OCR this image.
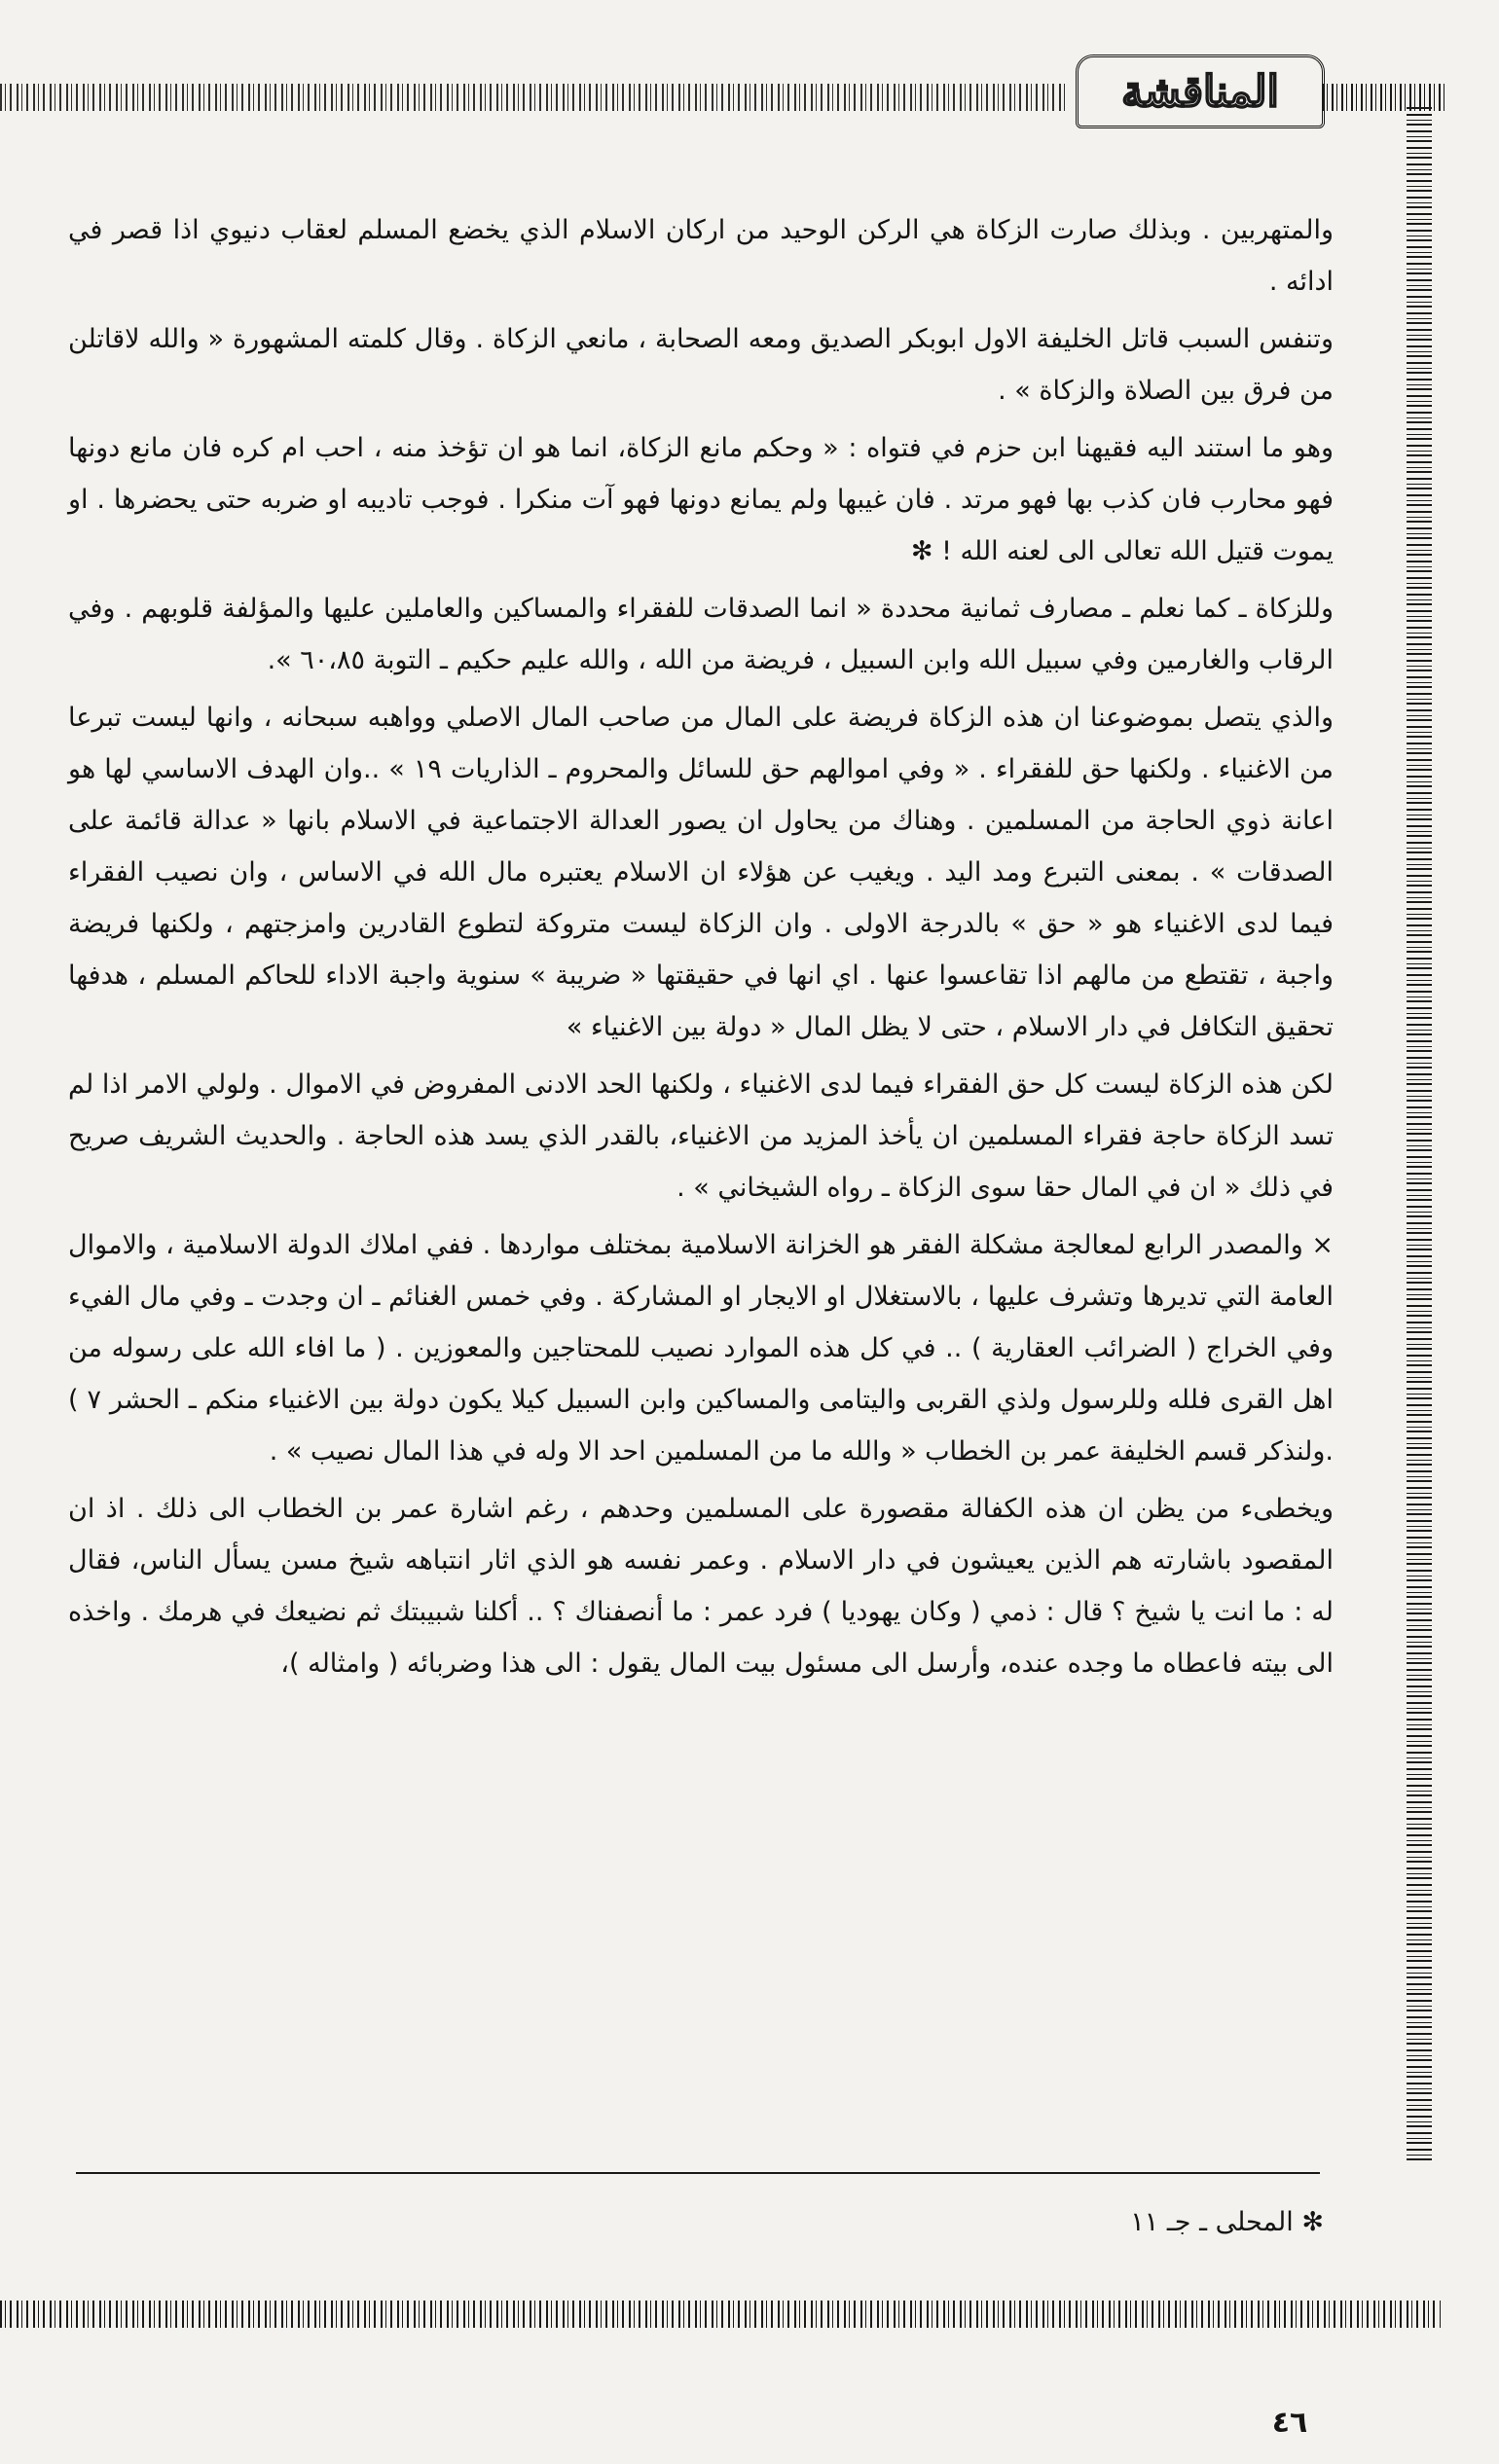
المناقشة

والمتهربين . وبذلك صارت الزكاة هي الركن الوحيد من اركان الاسلام الذي يخضع المسلم لعقاب دنيوي اذا قصر في ادائه .

وتنفس السبب قاتل الخليفة الاول ابوبكر الصديق ومعه الصحابة ، مانعي الزكاة . وقال كلمته المشهورة « والله لاقاتلن من فرق بين الصلاة والزكاة » .

وهو ما استند اليه فقيهنا ابن حزم في فتواه : « وحكم مانع الزكاة، انما هو ان تؤخذ منه ، احب ام كره فان مانع دونها فهو محارب فان كذب بها فهو مرتد . فان غيبها ولم يمانع دونها فهو آت منكرا . فوجب تاديبه او ضربه حتى يحضرها . او يموت قتيل الله تعالى الى لعنه الله ! ✻

وللزكاة ـ كما نعلم ـ مصارف ثمانية محددة « انما الصدقات للفقراء والمساكين والعاملين عليها والمؤلفة قلوبهم . وفي الرقاب والغارمين وفي سبيل الله وابن السبيل ، فريضة من الله ، والله عليم حكيم ـ التوبة ٦٠،٨٥ ».

والذي يتصل بموضوعنا ان هذه الزكاة فريضة على المال من صاحب المال الاصلي وواهبه سبحانه ، وانها ليست تبرعا من الاغنياء . ولكنها حق للفقراء . « وفي اموالهم حق للسائل والمحروم ـ الذاريات ١٩ » ..وان الهدف الاساسي لها هو اعانة ذوي الحاجة من المسلمين . وهناك من يحاول ان يصور العدالة الاجتماعية في الاسلام بانها « عدالة قائمة على الصدقات » . بمعنى التبرع ومد اليد . ويغيب عن هؤلاء ان الاسلام يعتبره مال الله في الاساس ، وان نصيب الفقراء فيما لدى الاغنياء هو « حق » بالدرجة الاولى . وان الزكاة ليست متروكة لتطوع القادرين وامزجتهم ، ولكنها فريضة واجبة ، تقتطع من مالهم اذا تقاعسوا عنها . اي انها في حقيقتها « ضريبة » سنوية واجبة الاداء للحاكم المسلم ، هدفها تحقيق التكافل في دار الاسلام ، حتى لا يظل المال « دولة بين الاغنياء »

لكن هذه الزكاة ليست كل حق الفقراء فيما لدى الاغنياء ، ولكنها الحد الادنى المفروض في الاموال . ولولي الامر اذا لم تسد الزكاة حاجة فقراء المسلمين ان يأخذ المزيد من الاغنياء، بالقدر الذي يسد هذه الحاجة . والحديث الشريف صريح في ذلك « ان في المال حقا سوى الزكاة ـ رواه الشيخاني » .

× والمصدر الرابع لمعالجة مشكلة الفقر هو الخزانة الاسلامية بمختلف مواردها . ففي املاك الدولة الاسلامية ، والاموال العامة التي تديرها وتشرف عليها ، بالاستغلال او الايجار او المشاركة . وفي خمس الغنائم ـ ان وجدت ـ وفي مال الفيء وفي الخراج ( الضرائب العقارية ) .. في كل هذه الموارد نصيب للمحتاجين والمعوزين . ( ما افاء الله على رسوله من اهل القرى فلله وللرسول ولذي القربى واليتامى والمساكين وابن السبيل كيلا يكون دولة بين الاغنياء منكم ـ الحشر ٧ ) .ولنذكر قسم الخليفة عمر بن الخطاب « والله ما من المسلمين احد الا وله في هذا المال نصيب » .

ويخطىء من يظن ان هذه الكفالة مقصورة على المسلمين وحدهم ، رغم اشارة عمر بن الخطاب الى ذلك . اذ ان المقصود باشارته هم الذين يعيشون في دار الاسلام . وعمر نفسه هو الذي اثار انتباهه شيخ مسن يسأل الناس، فقال له : ما انت يا شيخ ؟ قال : ذمي ( وكان يهوديا ) فرد عمر : ما أنصفناك ؟ .. أكلنا شبيبتك ثم نضيعك في هرمك . واخذه الى بيته فاعطاه ما وجده عنده، وأرسل الى مسئول بيت المال يقول : الى هذا وضربائه ( وامثاله )،

✻ المحلى ـ جـ ١١
٤٦
